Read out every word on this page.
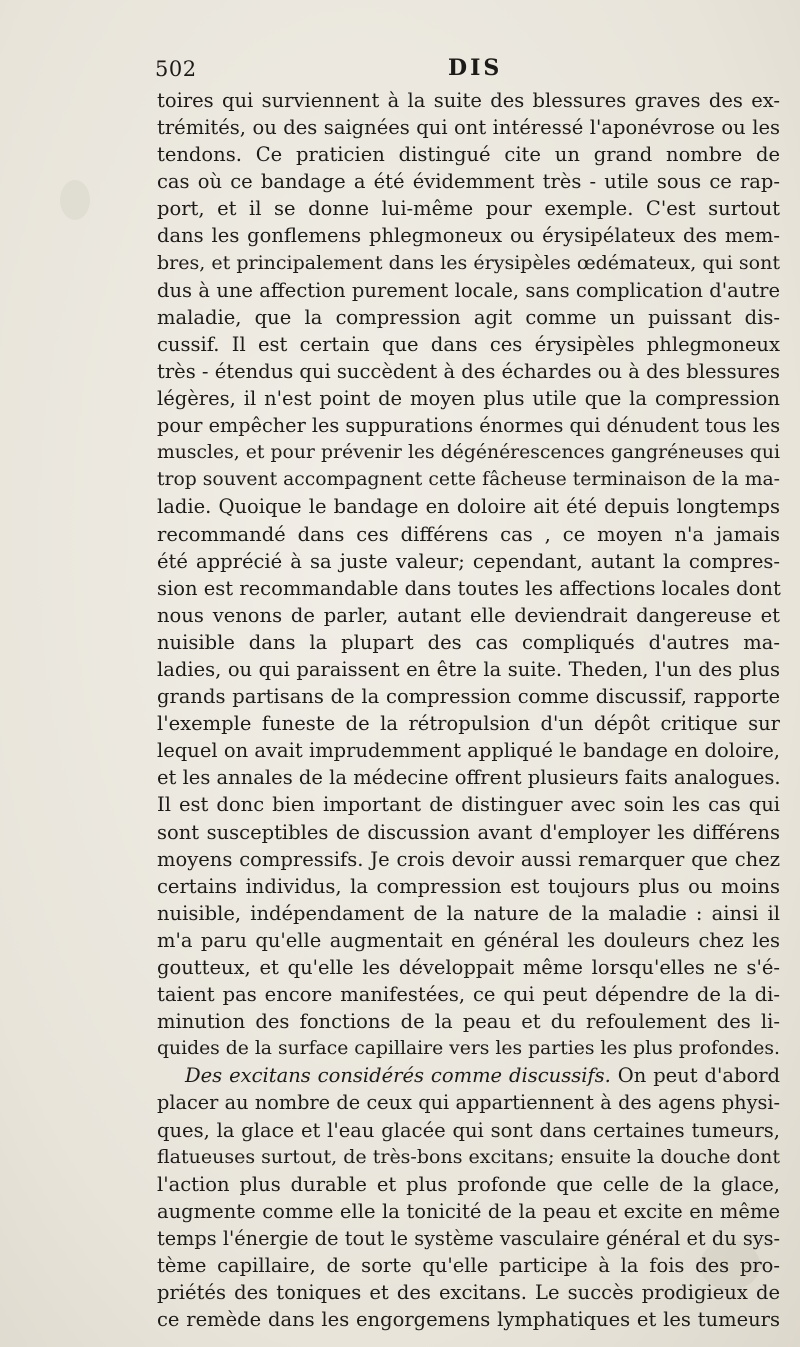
502	DIS
toires qui surviennent à la suite des blessures graves des ex-
trémités, ou des saignées qui ont intéressé l'aponévrose ou les
tendons. Ce praticien distingué cite un grand nombre de
cas où ce bandage a été évidemment très - utile sous ce rap-
port, et il se donne lui-même pour exemple. C'est surtout
dans les gonflemens phlegmoneux ou érysipélateux des mem-
bres, et principalement dans les érysipèles œdémateux, qui sont
dus à une affection purement locale, sans complication d'autre
maladie, que la compression agit comme un puissant dis-
cussif. Il est certain que dans ces érysipèles phlegmoneux
très - étendus qui succèdent à des échardes ou à des blessures
légères, il n'est point de moyen plus utile que la compression
pour empêcher les suppurations énormes qui dénudent tous les
muscles, et pour prévenir les dégénérescences gangréneuses qui
trop souvent accompagnent cette fâcheuse terminaison de la ma-
ladie. Quoique le bandage en doloire ait été depuis longtemps
recommandé dans ces différens cas , ce moyen n'a jamais
été apprécié à sa juste valeur; cependant, autant la compres-
sion est recommandable dans toutes les affections locales dont
nous venons de parler, autant elle deviendrait dangereuse et
nuisible dans la plupart des cas compliqués d'autres ma-
ladies, ou qui paraissent en être la suite. Theden, l'un des plus
grands partisans de la compression comme discussif, rapporte
l'exemple funeste de la rétropulsion d'un dépôt critique sur
lequel on avait imprudemment appliqué le bandage en doloire,
et les annales de la médecine offrent plusieurs faits analogues.
Il est donc bien important de distinguer avec soin les cas qui
sont susceptibles de discussion avant d'employer les différens
moyens compressifs. Je crois devoir aussi remarquer que chez
certains individus, la compression est toujours plus ou moins
nuisible, indépendament de la nature de la maladie : ainsi il
m'a paru qu'elle augmentait en général les douleurs chez les
goutteux, et qu'elle les développait même lorsqu'elles ne s'é-
taient pas encore manifestées, ce qui peut dépendre de la di-
minution des fonctions de la peau et du refoulement des li-
quides de la surface capillaire vers les parties les plus profondes.
Des excitans considérés comme discussifs. On peut d'abord
placer au nombre de ceux qui appartiennent à des agens physi-
ques, la glace et l'eau glacée qui sont dans certaines tumeurs,
flatueuses surtout, de très-bons excitans; ensuite la douche dont
l'action plus durable et plus profonde que celle de la glace,
augmente comme elle la tonicité de la peau et excite en même
temps l'énergie de tout le système vasculaire général et du sys-
tème capillaire, de sorte qu'elle participe à la fois des pro-
priétés des toniques et des excitans. Le succès prodigieux de
ce remède dans les engorgemens lymphatiques et les tumeurs
